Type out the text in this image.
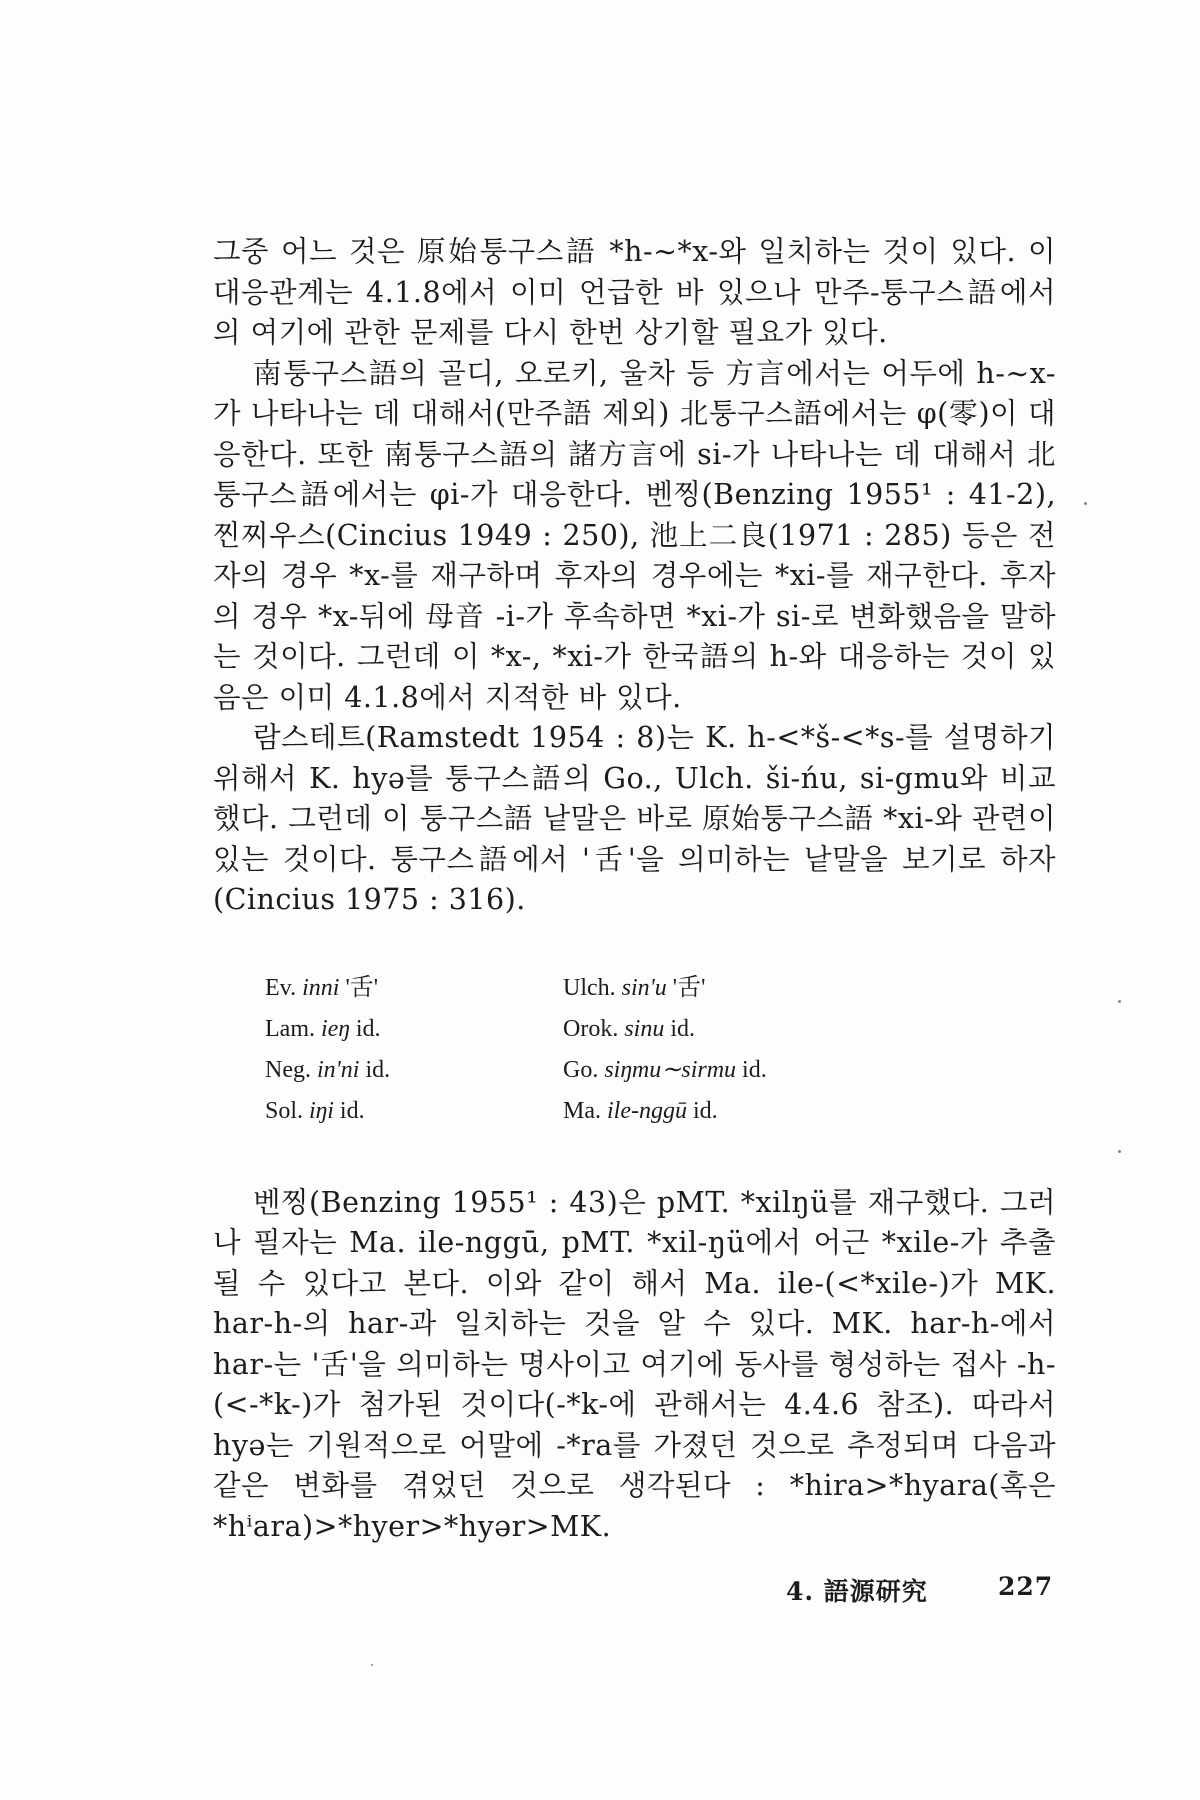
그중 어느 것은 原始퉁구스語 *h-∼*x-와 일치하는 것이 있다. 이 대응관계는 4.1.8에서 이미 언급한 바 있으나 만주-퉁구스語에서의 여기에 관한 문제를 다시 한번 상기할 필요가 있다.

南퉁구스語의 골디, 오로키, 울차 등 方言에서는 어두에 h-∼x-가 나타나는 데 대해서(만주語 제외) 北퉁구스語에서는 φ(零)이 대응한다. 또한 南퉁구스語의 諸方言에 si-가 나타나는 데 대해서 北퉁구스語에서는 φi-가 대응한다. 벤찡(Benzing 1955¹ : 41-2), 찐찌우스(Cincius 1949 : 250), 池上二良(1971 : 285) 등은 전자의 경우 *x-를 재구하며 후자의 경우에는 *xi-를 재구한다. 후자의 경우 *x-뒤에 母音 -i-가 후속하면 *xi-가 si-로 변화했음을 말하는 것이다. 그런데 이 *x-, *xi-가 한국語의 h-와 대응하는 것이 있음은 이미 4.1.8에서 지적한 바 있다.

람스테트(Ramstedt 1954 : 8)는 K. h-<*š-<*s-를 설명하기 위해서 K. hyə를 퉁구스語의 Go., Ulch. ši-ńu, si-gmu와 비교했다. 그런데 이 퉁구스語 낱말은 바로 原始퉁구스語 *xi-와 관련이 있는 것이다. 퉁구스語에서 '舌'을 의미하는 낱말을 보기로 하자(Cincius 1975 : 316).

Ev. inni '舌'	Ulch. sin'u '舌'
Lam. ieŋ id.	Orok. sinu id.
Neg. in'ni id.	Go. siŋmu∼sirmu id.
Sol. iŋi id.	Ma. ile-nggū id.

벤찡(Benzing 1955¹ : 43)은 pMT. *xilŋü를 재구했다. 그러나 필자는 Ma. ile-nggū, pMT. *xil-ŋü에서 어근 *xile-가 추출될 수 있다고 본다. 이와 같이 해서 Ma. ile-(<*xile-)가 MK. har-h-의 har-과 일치하는 것을 알 수 있다. MK. har-h-에서 har-는 '舌'을 의미하는 명사이고 여기에 동사를 형성하는 접사 -h-(<-*k-)가 첨가된 것이다(-*k-에 관해서는 4.4.6 참조). 따라서 hyə는 기원적으로 어말에 -*ra를 가졌던 것으로 추정되며 다음과 같은 변화를 겪었던 것으로 생각된다 : *hira>*hyara(혹은 *hⁱara)>*hyer>*hyər>MK.

4. 語源研究	227
